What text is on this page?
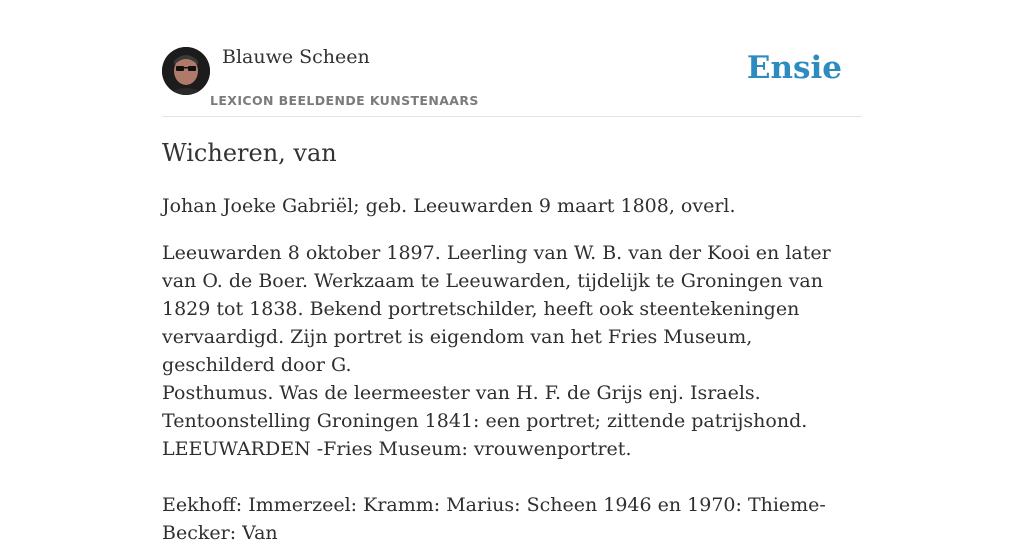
Blauwe Scheen
LEXICON BEELDENDE KUNSTENAARS
Ensie
Wicheren, van

Johan Joeke Gabriël; geb. Leeuwarden 9 maart 1808, overl.

Leeuwarden 8 oktober 1897. Leerling van W. B. van der Kooi en later van O. de Boer. Werkzaam te Leeuwarden, tijdelijk te Groningen van 1829 tot 1838. Bekend portretschilder, heeft ook steentekeningen vervaardigd. Zijn portret is eigendom van het Fries Museum, geschilderd door G.

Posthumus. Was de leermeester van H. F. de Grijs enj. Israels. Tentoonstelling Groningen 1841: een portret; zittende patrijshond. LEEUWARDEN -Fries Museum: vrouwenportret.

Eekhoff: Immerzeel: Kramm: Marius: Scheen 1946 en 1970: Thieme-Becker: Van
